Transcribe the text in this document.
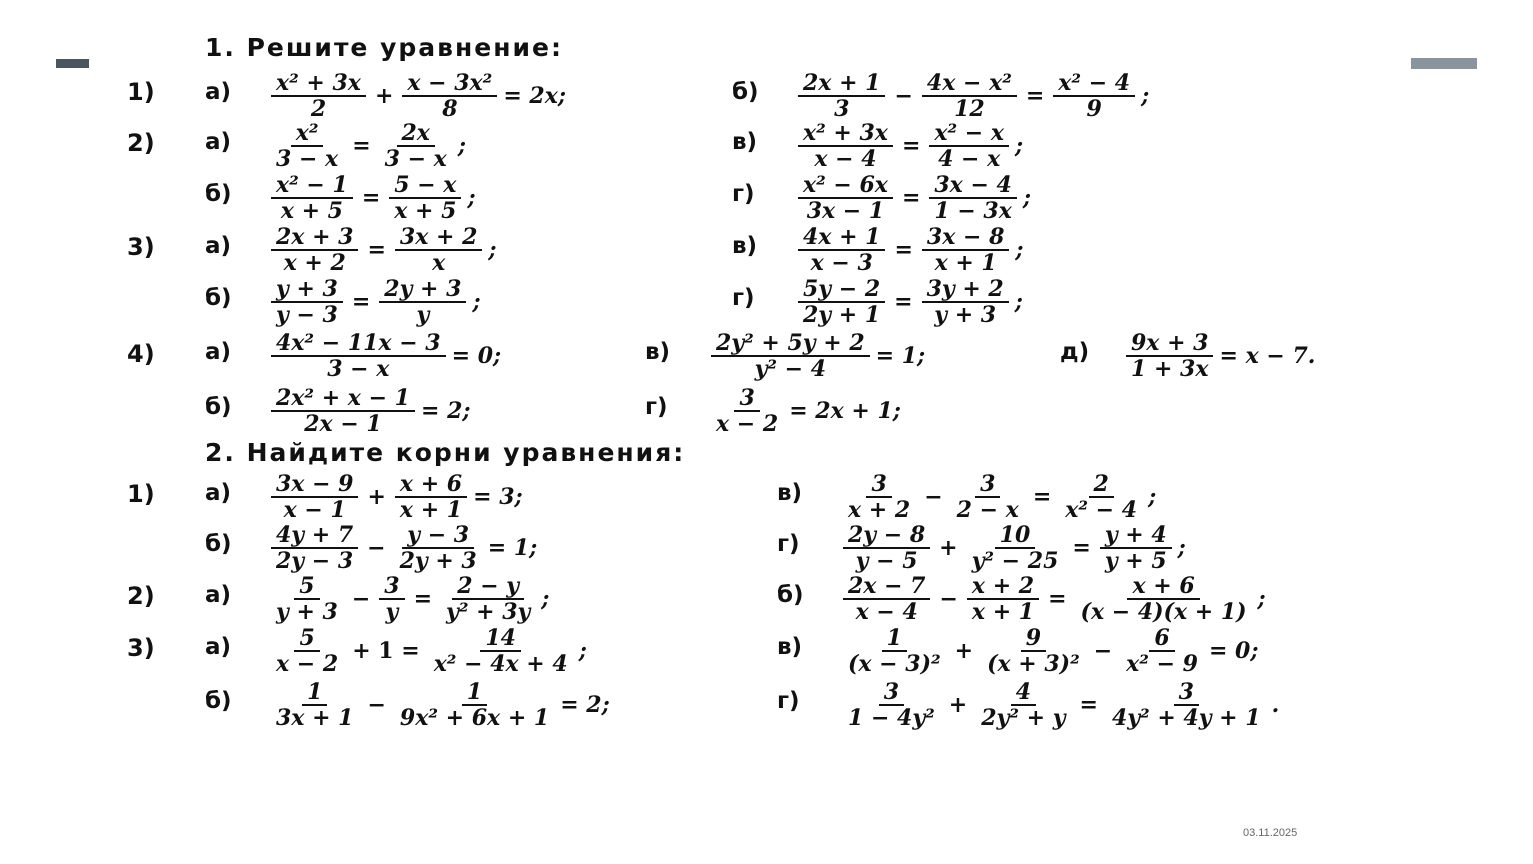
1. Решите уравнение:
2. Найдите корни уравнения:
1) $а) \frac{\text{x² + 3x}}{2} + \frac{\text{x − 3x²}}{8} = 2x$;	$б) \frac{2x + 1}{3} - \frac{\text{4x − x²}}{12} = \frac{\text{x² − 4}}{9}$ ;
2) $а) \frac{\text{x²}}{3 - x} = \frac{2x}{3 - x}$ ;	$в) \frac{\text{x² + 3x}}{x - 4} = \frac{\text{x² − x}}{4 - x}$ ;
$б) \frac{\text{x² − 1}}{x + 5} = \frac{5 - x}{x + 5}$ ;	$г) \frac{\text{x² − 6x}}{3x - 1} = \frac{3x - 4}{1 - 3x}$ ;
3) $а) \frac{2x + 3}{x + 2} = \frac{3x + 2}{x}$ ;	$в) \frac{4x + 1}{x - 3} = \frac{3x - 8}{x + 1}$ ;
$б) \frac{y + 3}{y - 3} = \frac{2y + 3}{y}$ ;	$г) \frac{5y - 2}{2y + 1} = \frac{3y + 2}{y + 3}$ ;
4) $а) \frac{\text{4x² − 11x − 3}}{3 - x} = 0$;	$в) \frac{\text{2y² + 5y + 2}}{\text{y² − 4}} = 1$;	$д) \frac{9x + 3}{1 + 3x} = x - 7$.
$б) \frac{\text{2x² + x − 1}}{2x - 1} = 2$;	$г) \frac{3}{x - 2} = 2x + 1$;
1) $а) \frac{3x - 9}{x - 1} + \frac{x + 6}{x + 1} = 3$;	$в) \frac{3}{x + 2} - \frac{3}{2 - x} = \frac{2}{\text{x² − 4}}$ ;
$б) \frac{4y + 7}{2y - 3} - \frac{y - 3}{2y + 3} = 1$;	$г) \frac{2y - 8}{y - 5} + \frac{10}{\text{y² − 25}} = \frac{y + 4}{y + 5}$ ;
2) $а) \frac{5}{y + 3} - \frac{3}{y} = \frac{2 - y}{\text{y² + 3y}}$ ;	$б) \frac{2x - 7}{x - 4} - \frac{x + 2}{x + 1} = \frac{x + 6}{(x - 4)(x + 1)}$ ;
3) $а) \frac{5}{x - 2} + 1 = \frac{14}{\text{x² − 4x + 4}}$ ;	$в) \frac{1}{\text{(x − 3)²}} + \frac{9}{\text{(x + 3)²}} - \frac{6}{\text{x² − 9}} = 0$;
$б) \frac{1}{3x + 1} - \frac{1}{\text{9x² + 6x + 1}} = 2$;	$г) \frac{3}{\text{1 − 4y²}} + \frac{4}{\text{2y² + y}} = \frac{3}{\text{4y² + 4y + 1}}$ .
03.11.2025
